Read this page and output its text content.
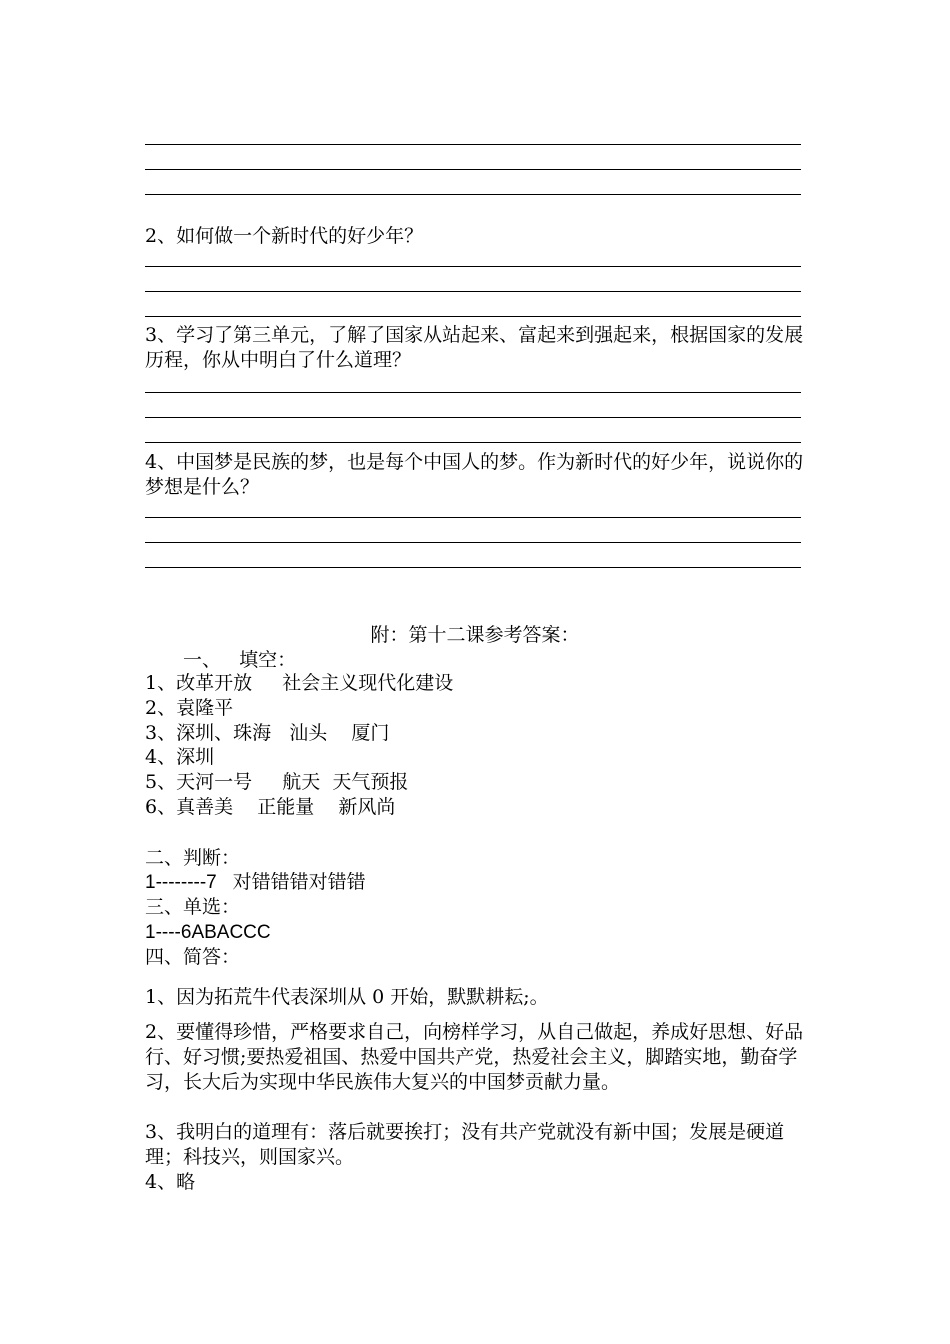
2、如何做一个新时代的好少年？
3、学习了第三单元，了解了国家从站起来、富起来到强起来，根据国家的发展历程，你从中明白了什么道理？
4、中国梦是民族的梦，也是每个中国人的梦。作为新时代的好少年，说说你的梦想是什么？
附：第十二课参考答案：
一、   填空：
1、改革开放     社会主义现代化建设
2、袁隆平
3、深圳、珠海   汕头    厦门
4、深圳
5、天河一号     航天  天气预报
6、真善美    正能量    新风尚
二、判断：
1--------7   对错错错对错错
三、单选：
1----6ABACCC
四、简答：
1、因为拓荒牛代表深圳从 0 开始，默默耕耘;。
2、要懂得珍惜，严格要求自己，向榜样学习，从自己做起，养成好思想、好品行、好习惯;要热爱祖国、热爱中国共产党，热爱社会主义，脚踏实地，勤奋学习，长大后为实现中华民族伟大复兴的中国梦贡献力量。
3、我明白的道理有：落后就要挨打；没有共产党就没有新中国；发展是硬道理；科技兴，则国家兴。
4、略
